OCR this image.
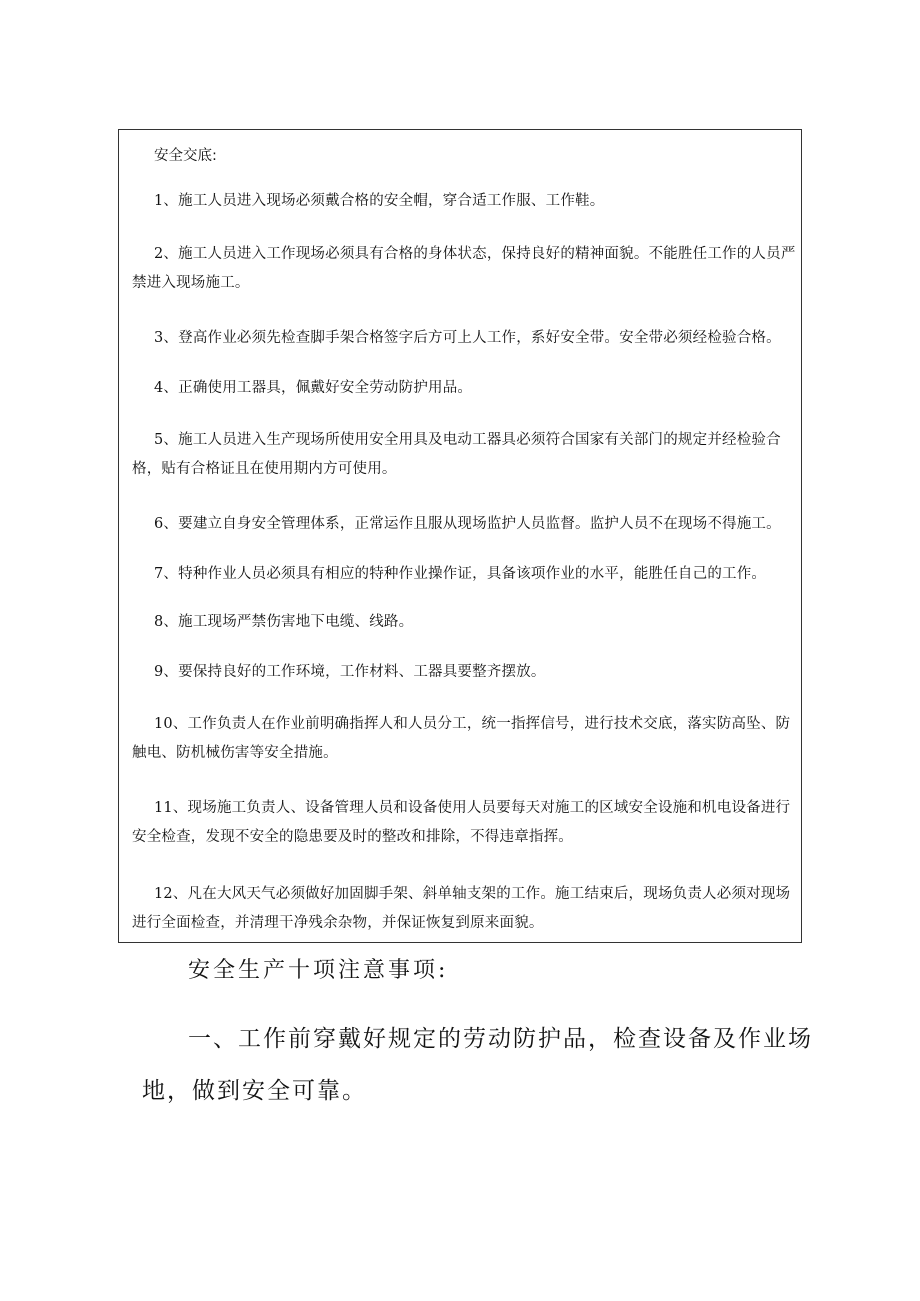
安全交底:

1、施工人员进入现场必须戴合格的安全帽，穿合适工作服、工作鞋。

2、施工人员进入工作现场必须具有合格的身体状态，保持良好的精神面貌。不能胜任工作的人员严禁进入现场施工。

3、登高作业必须先检查脚手架合格签字后方可上人工作，系好安全带。安全带必须经检验合格。

4、正确使用工器具，佩戴好安全劳动防护用品。

5、施工人员进入生产现场所使用安全用具及电动工器具必须符合国家有关部门的规定并经检验合格，贴有合格证且在使用期内方可使用。

6、要建立自身安全管理体系，正常运作且服从现场监护人员监督。监护人员不在现场不得施工。

7、特种作业人员必须具有相应的特种作业操作证，具备该项作业的水平，能胜任自己的工作。

8、施工现场严禁伤害地下电缆、线路。

9、要保持良好的工作环境，工作材料、工器具要整齐摆放。

10、工作负责人在作业前明确指挥人和人员分工，统一指挥信号，进行技术交底，落实防高坠、防触电、防机械伤害等安全措施。

11、现场施工负责人、设备管理人员和设备使用人员要每天对施工的区域安全设施和机电设备进行安全检查，发现不安全的隐患要及时的整改和排除，不得违章指挥。

12、凡在大风天气必须做好加固脚手架、斜单轴支架的工作。施工结束后，现场负责人必须对现场进行全面检查，并清理干净残余杂物，并保证恢复到原来面貌。

安全生产十项注意事项:

一、工作前穿戴好规定的劳动防护品，检查设备及作业场地，做到安全可靠。
